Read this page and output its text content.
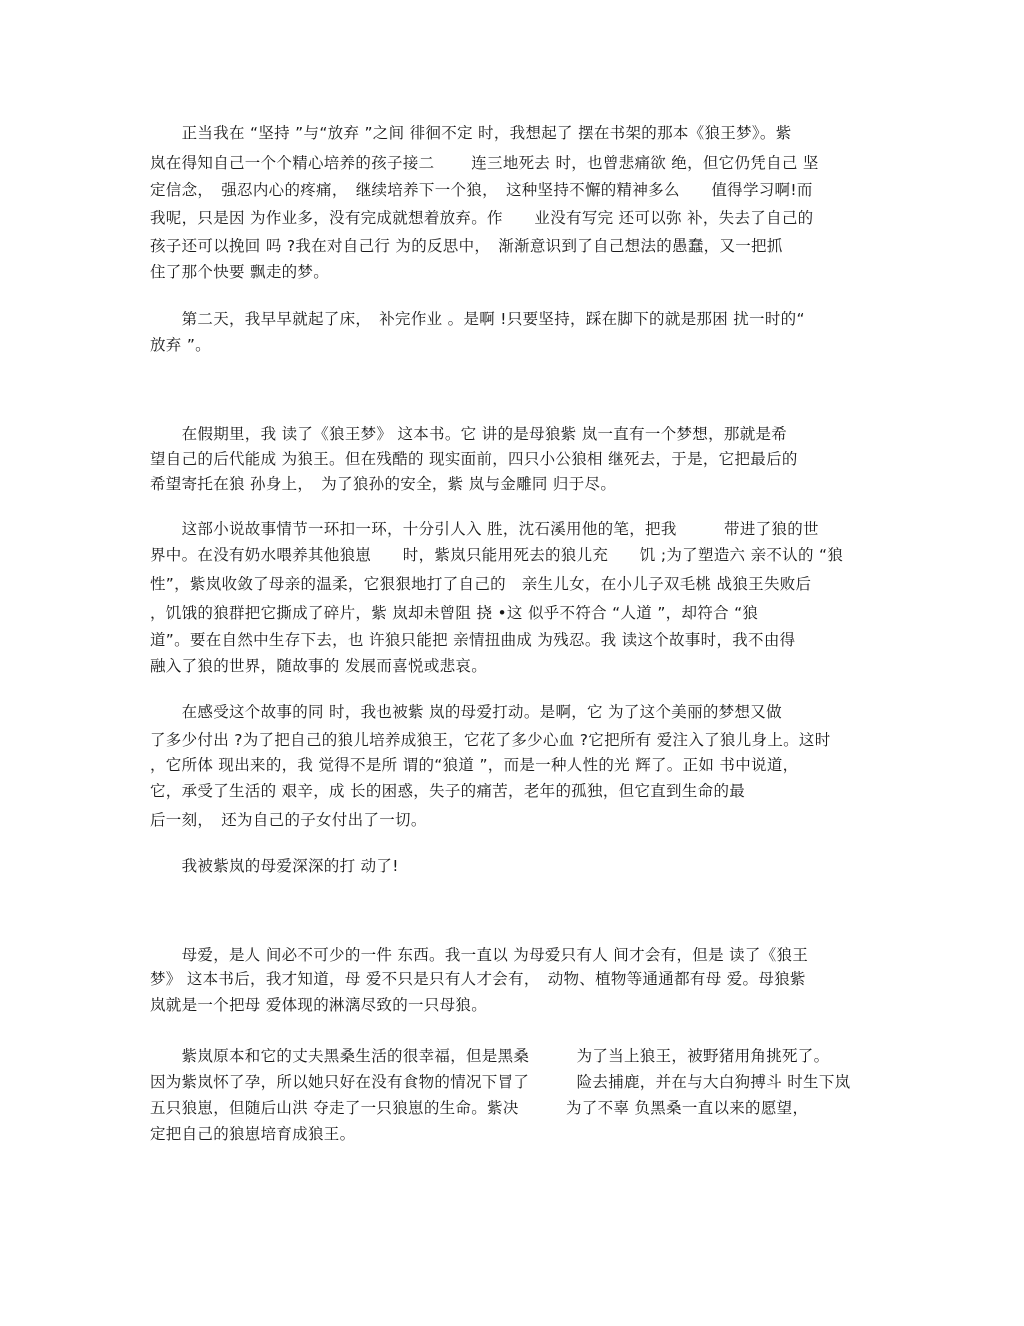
　　正当我在 “坚持 ”与“放弃 ”之间 徘徊不定 时，我想起了 摆在书架的那本《狼王梦》。紫
岚在得知自己一个个精心培养的孩子接二 　　连三地死去 时，也曾悲痛欲 绝，但它仍凭自己 坚
定信念，　强忍内心的疼痛，　继续培养下一个狼，　这种坚持不懈的精神多么　　值得学习啊!而
我呢，只是因 为作业多，没有完成就想着放弃。作　　业没有写完 还可以弥 补，失去了自己的
孩子还可以挽回 吗 ?我在对自己行 为的反思中，　渐渐意识到了自己想法的愚蠢，又一把抓
住了那个快要 飘走的梦。
　　第二天，我早早就起了床，　补完作业 。是啊 !只要坚持，踩在脚下的就是那困 扰一时的“
放弃 ”。
　　在假期里，我 读了《狼王梦》 这本书。它 讲的是母狼紫 岚一直有一个梦想，那就是希
望自己的后代能成 为狼王。但在残酷的 现实面前，四只小公狼相 继死去，于是，它把最后的
希望寄托在狼 孙身上，　为了狼孙的安全，紫 岚与金雕同 归于尽。
　　这部小说故事情节一环扣一环，十分引人入 胜，沈石溪用他的笔，把我　　　带进了狼的世
界中。在没有奶水喂养其他狼崽　　时，紫岚只能用死去的狼儿充　　饥 ;为了塑造六 亲不认的 “狼
性”，紫岚收敛了母亲的温柔，它狠狠地打了自己的　亲生儿女，在小儿子双毛桃 战狼王失败后
，饥饿的狼群把它撕成了碎片，紫 岚却未曾阻 挠 •这 似乎不符合 “人道 ”，却符合 “狼
道”。要在自然中生存下去，也 许狼只能把 亲情扭曲成 为残忍。我 读这个故事时，我不由得
融入了狼的世界，随故事的 发展而喜悦或悲哀。
　　在感受这个故事的同 时，我也被紫 岚的母爱打动。是啊，它 为了这个美丽的梦想又做
了多少付出 ?为了把自己的狼儿培养成狼王，它花了多少心血 ?它把所有 爱注入了狼儿身上。这时
，它所体 现出来的，我 觉得不是所 谓的“狼道 ”，而是一种人性的光 辉了。正如 书中说道，
它，承受了生活的 艰辛，成 长的困惑，失子的痛苦，老年的孤独，但它直到生命的最
后一刻，　还为自己的子女付出了一切。
　　我被紫岚的母爱深深的打 动了!
　　母爱，是人 间必不可少的一件 东西。我一直以 为母爱只有人 间才会有，但是 读了《狼王
梦》 这本书后，我才知道，母 爱不只是只有人才会有，　动物、植物等通通都有母 爱。母狼紫
岚就是一个把母 爱体现的淋漓尽致的一只母狼。
　　紫岚原本和它的丈夫黑桑生活的很幸福，但是黑桑　　　为了当上狼王，被野猪用角挑死了。
因为紫岚怀了孕，所以她只好在没有食物的情况下冒了　　　险去捕鹿，并在与大白狗搏斗 时生下岚
五只狼崽，但随后山洪 夺走了一只狼崽的生命。紫决　　　为了不辜 负黑桑一直以来的愿望，
定把自己的狼崽培育成狼王。
